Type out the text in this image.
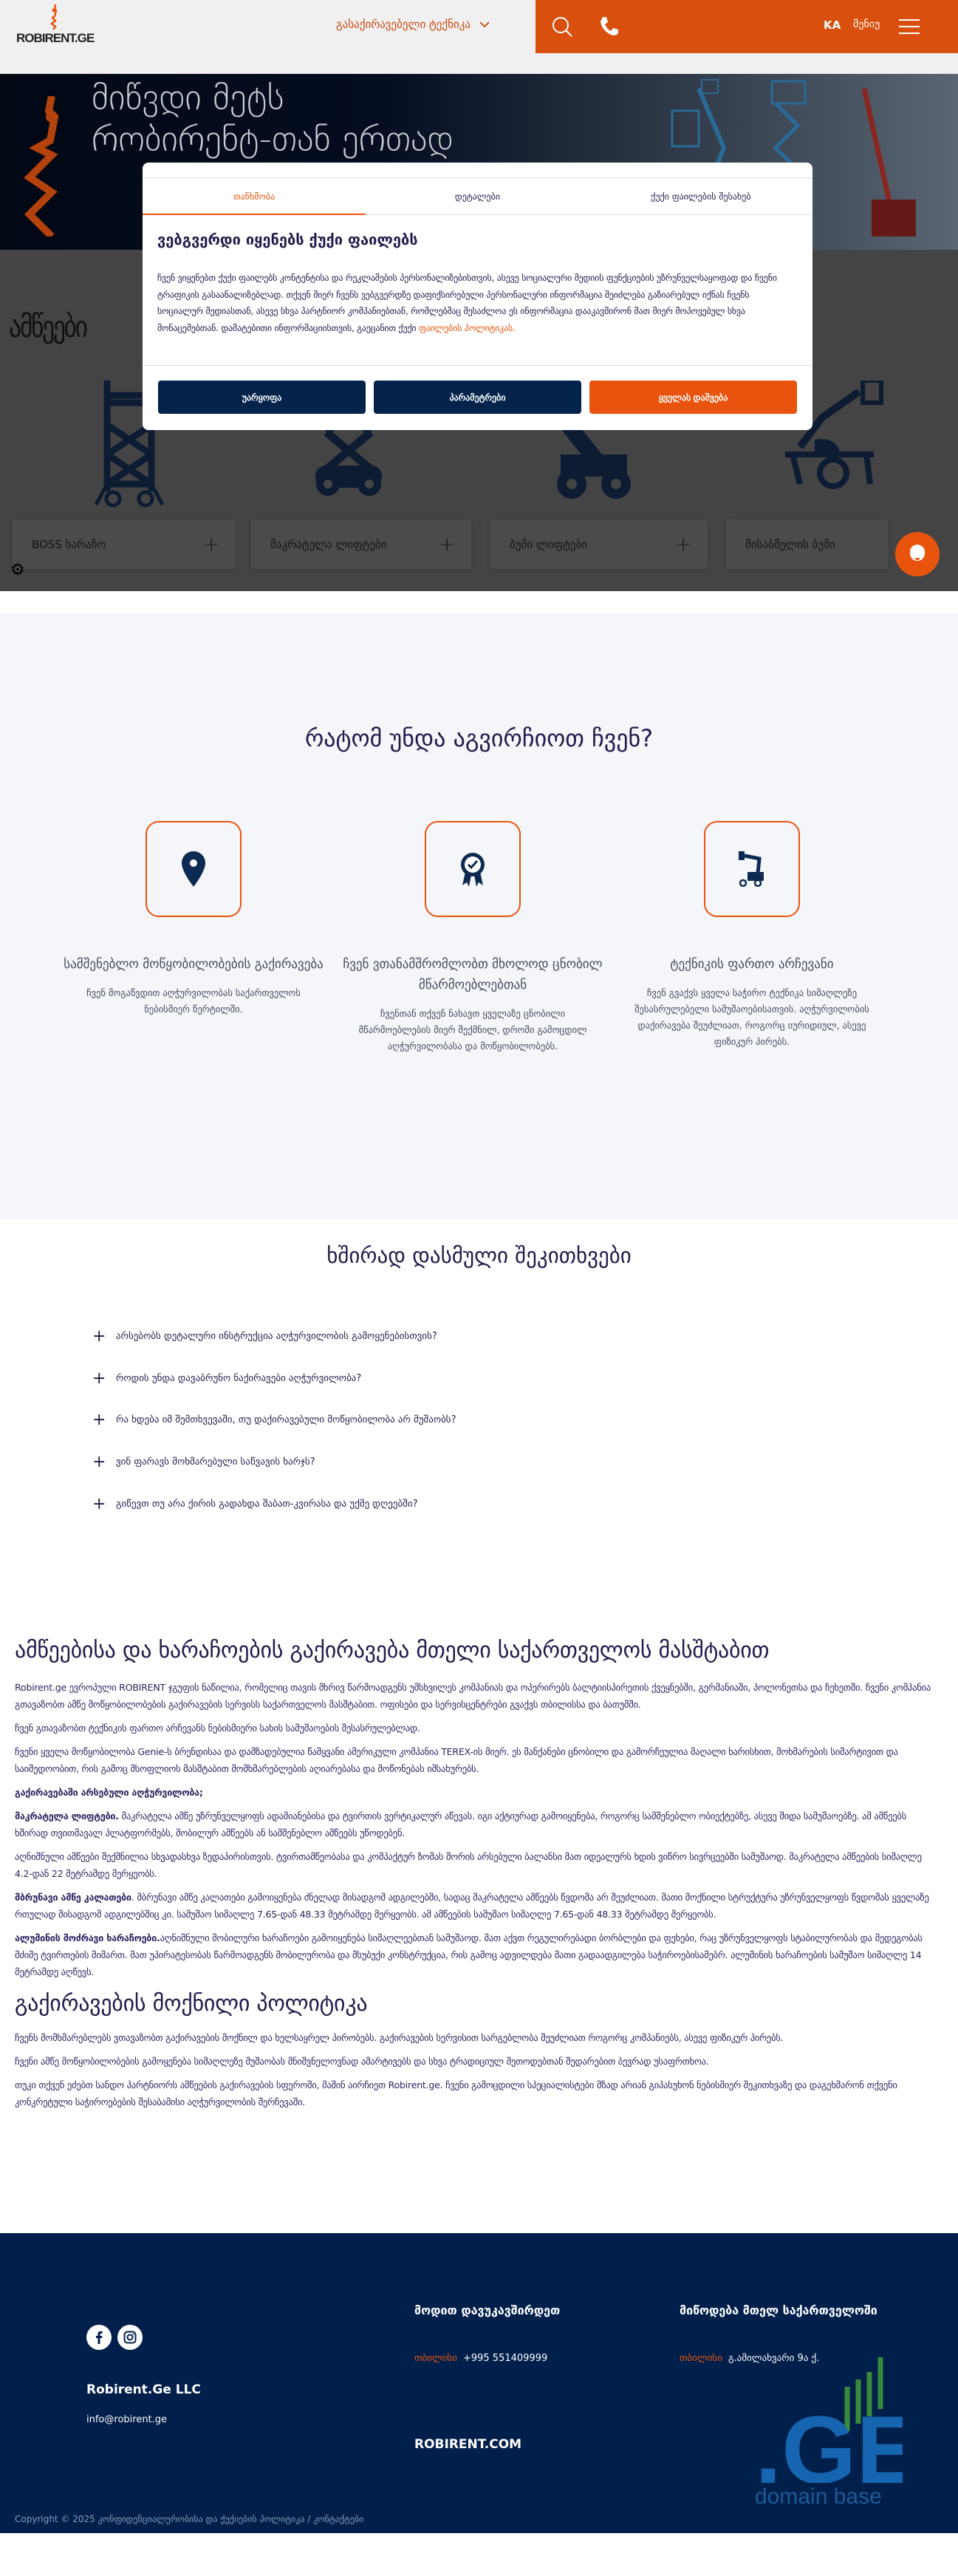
ROBIRENT.GE
გასაქირავებელი ტექნიკა	KA მენიუ
მიწვდი მეტს
რობირენტ-თან ერთად
ამწეები
BOSS ხარაჩო	+	მაკრატელა ლიფტები	+	ბუმი ლიფტები	+	მისაბმელის ბუმი
⚙
თანხმობა	დეტალები	ქუქი ფაილების შესახებ
ვებგვერდი იყენებს ქუქი ფაილებს
ჩვენ ვიყენებთ ქუქი ფაილებს კონტენტისა და რეკლამების პერსონალიზებისთვის, ასევე სოციალური მედიის ფუნქციების უზრუნველსაყოფად და ჩვენი ტრაფიკის გასაანალიზებლად. თქვენ მიერ ჩვენს ვებგვერდზე დაფიქსირებული პერსონალური ინფორმაცია შეიძლება გაზიარებულ იქნას ჩვენს სოციალურ მედიასთან, ასევე სხვა პარტნიორ კომპანიებთან, რომლებმაც შესაძლოა ეს ინფორმაცია დააკავშირონ მათ მიერ მოპოვებულ სხვა მონაცემებთან. დამატებითი ინფორმაციისთვის, გაეცანით ქუქი ფაილების პოლიტიკას.
უარყოფა	პარამეტრები	ყველას დაშვება
რატომ უნდა აგვირჩიოთ ჩვენ?
სამშენებლო მოწყობილობების გაქირავება
ჩვენ მოგაწვდით აღჭურვილობას საქართველოს ნებისმიერ წერტილში.
ჩვენ ვთანამშრომლობთ მხოლოდ ცნობილ მწარმოებლებთან
ჩვენთან თქვენ ნახავთ ყველაზე ცნობილი მწარმოებლების მიერ შექმნილ, დროში გამოცდილ აღჭურვილობასა და მოწყობილობებს.
ტექნიკის ფართო არჩევანი
ჩვენ გვაქვს ყველა საჭირო ტექნიკა სიმაღლეზე შესასრულებელი სამუშაოებისათვის. აღჭურვილობის დაქირავება შეუძლიათ, როგორც იურიდიულ, ასევე ფიზიკურ პირებს.
ხშირად დასმული შეკითხვები
+ არსებობს დეტალური ინსტრუქცია აღჭურვილობის გამოყენებისთვის?
+ როდის უნდა დავაბრუნო ნაქირავები აღჭურვილობა?
+ რა ხდება იმ შემთხვევაში, თუ დაქირავებული მოწყობილობა არ მუშაობს?
+ ვინ ფარავს მოხმარებული საწვავის ხარჯს?
+ გიწევთ თუ არა ქირის გადახდა შაბათ-კვირასა და უქმე დღეებში?
ამწეებისა და ხარაჩოების გაქირავება მთელი საქართველოს მასშტაბით

Robirent.ge ევროპული ROBIRENT ჯგუფის ნაწილია, რომელიც თავის მხრივ წარმოადგენს უმსხვილეს კომპანიას და ოპერირებს ბალტიისპირეთის ქვეყნებში, გერმანიაში, პოლონეთსა და ჩეხეთში. ჩვენი კომპანია გთავაზობთ ამწე მოწყობილობების გაქირავების სერვისს საქართველოს მასშტაბით. ოფისები და სერვისცენტრები გვაქვს თბილისსა და ბათუმში.

ჩვენ გთავაზობთ ტექნიკის ფართო არჩევანს ნებისმიერი სახის სამუშაოების შესასრულებლად.

ჩვენი ყველა მოწყობილობა Genie-ს ბრენდისაა და დამზადებულია წამყვანი ამერიკული კომპანია TEREX-ის მიერ. ეს მანქანები ცნობილი და გამორჩეულია მაღალი ხარისხით, მოხმარების სიმარტივით და საიმედოობით, რის გამოც მსოფლიოს მასშტაბით მომხმარებლების აღიარებასა და მოწონებას იმსახურებს.

გაქირავებაში არსებული აღჭურვილობა;

მაკრატელა ლიფტები. მაკრატელა ამწე უზრუნველყოფს ადამიანებისა და ტვირთის ვერტიკალურ აწევას. იგი აქტიურად გამოიყენება, როგორც სამშენებლო ობიექტებზე, ასევე შიდა სამუშაოებზე. ამ ამწეებს ხშირად თვითმავალ პლატფორმებს, მობილურ ამწეებს ან სამშენებლო ამწეებს უწოდებენ.

აღნიშნული ამწეები შექმნილია სხვადასხვა ზედაპირისთვის. ტვირთამწეობასა და კომპაქტურ ზომას შორის არსებული ბალანსი მათ იდეალურს ხდის ვიწრო სივრცეებში სამუშაოდ. მაკრატელა ამწეების სიმაღლე 4.2-დან 22 მეტრამდე მერყეობს.

მბრუნავი ამწე კალათები. მბრუნავი ამწე კალათები გამოიყენება ძნელად მისადგომ ადგილებში, სადაც მაკრატელა ამწეებს წვდომა არ შეუძლიათ. მათი მოქნილი სტრუქტურა უზრუნველყოფს წვდომას ყველაზე რთულად მისადგომ ადგილებშიც კი. სამუშაო სიმაღლე 7.65-დან 48.33 მეტრამდე მერყეობს. ამ ამწეების სამუშაო სიმაღლე 7.65-დან 48.33 მეტრამდე მერყეობს.

ალუმინის მოძრავი ხარაჩოები.აღნიშნული მობილური ხარაჩოები გამოიყენება სიმაღლეებთან სამუშაოდ. მათ აქვთ რეგულირებადი ბორბლები და ფეხები, რაც უზრუნველყოფს სტაბილურობას და მედეგობას მძიმე ტვირთების მიმართ. მათ უპირატესობას წარმოადგენს მობილურობა და მსუბუქი კონსტრუქცია, რის გამოც ადვილდება მათი გადაადგილება საჭიროებისამებრ. ალუმინის ხარაჩოების სამუშაო სიმაღლე 14 მეტრამდე აღწევს.

გაქირავების მოქნილი პოლიტიკა

ჩვენს მომხმარებლებს ვთავაზობთ გაქირავების მოქნილ და ხელსაყრელ პირობებს. გაქირავების სერვისით სარგებლობა შეუძლიათ როგორც კომპანიებს, ასევე ფიზიკურ პირებს.

ჩვენი ამწე მოწყობილობების გამოყენება სიმაღლეზე მუშაობას მნიშვნელოვნად ამარტივებს და სხვა ტრადიციულ მეთოდებთან შედარებით ბევრად უსაფრთხოა.

თუკი თქვენ ეძებთ სანდო პარტნიორს ამწეების გაქირავების სფეროში, მაშინ აირჩიეთ Robirent.ge. ჩვენი გამოცდილი სპეციალისტები მზად არიან გიპასუხონ ნებისმიერ შეკითხვაზე და დაგეხმარონ თქვენი კონკრეტული საჭიროებების შესაბამისი აღჭურვილობის შერჩევაში.

მოდით დავუკავშირდეთ	მიწოდება მთელ საქართველოში
თბილისი +995 551409999	თბილისი გ.ამილახვარი 9ა ქ.
Robirent.Ge LLC
info@robirent.ge
ROBIRENT.COM .GE
domain base
Copyright © 2025 კონფიდენციალურობისა და ქუქიების პოლიტიკა / კონტაქტები
